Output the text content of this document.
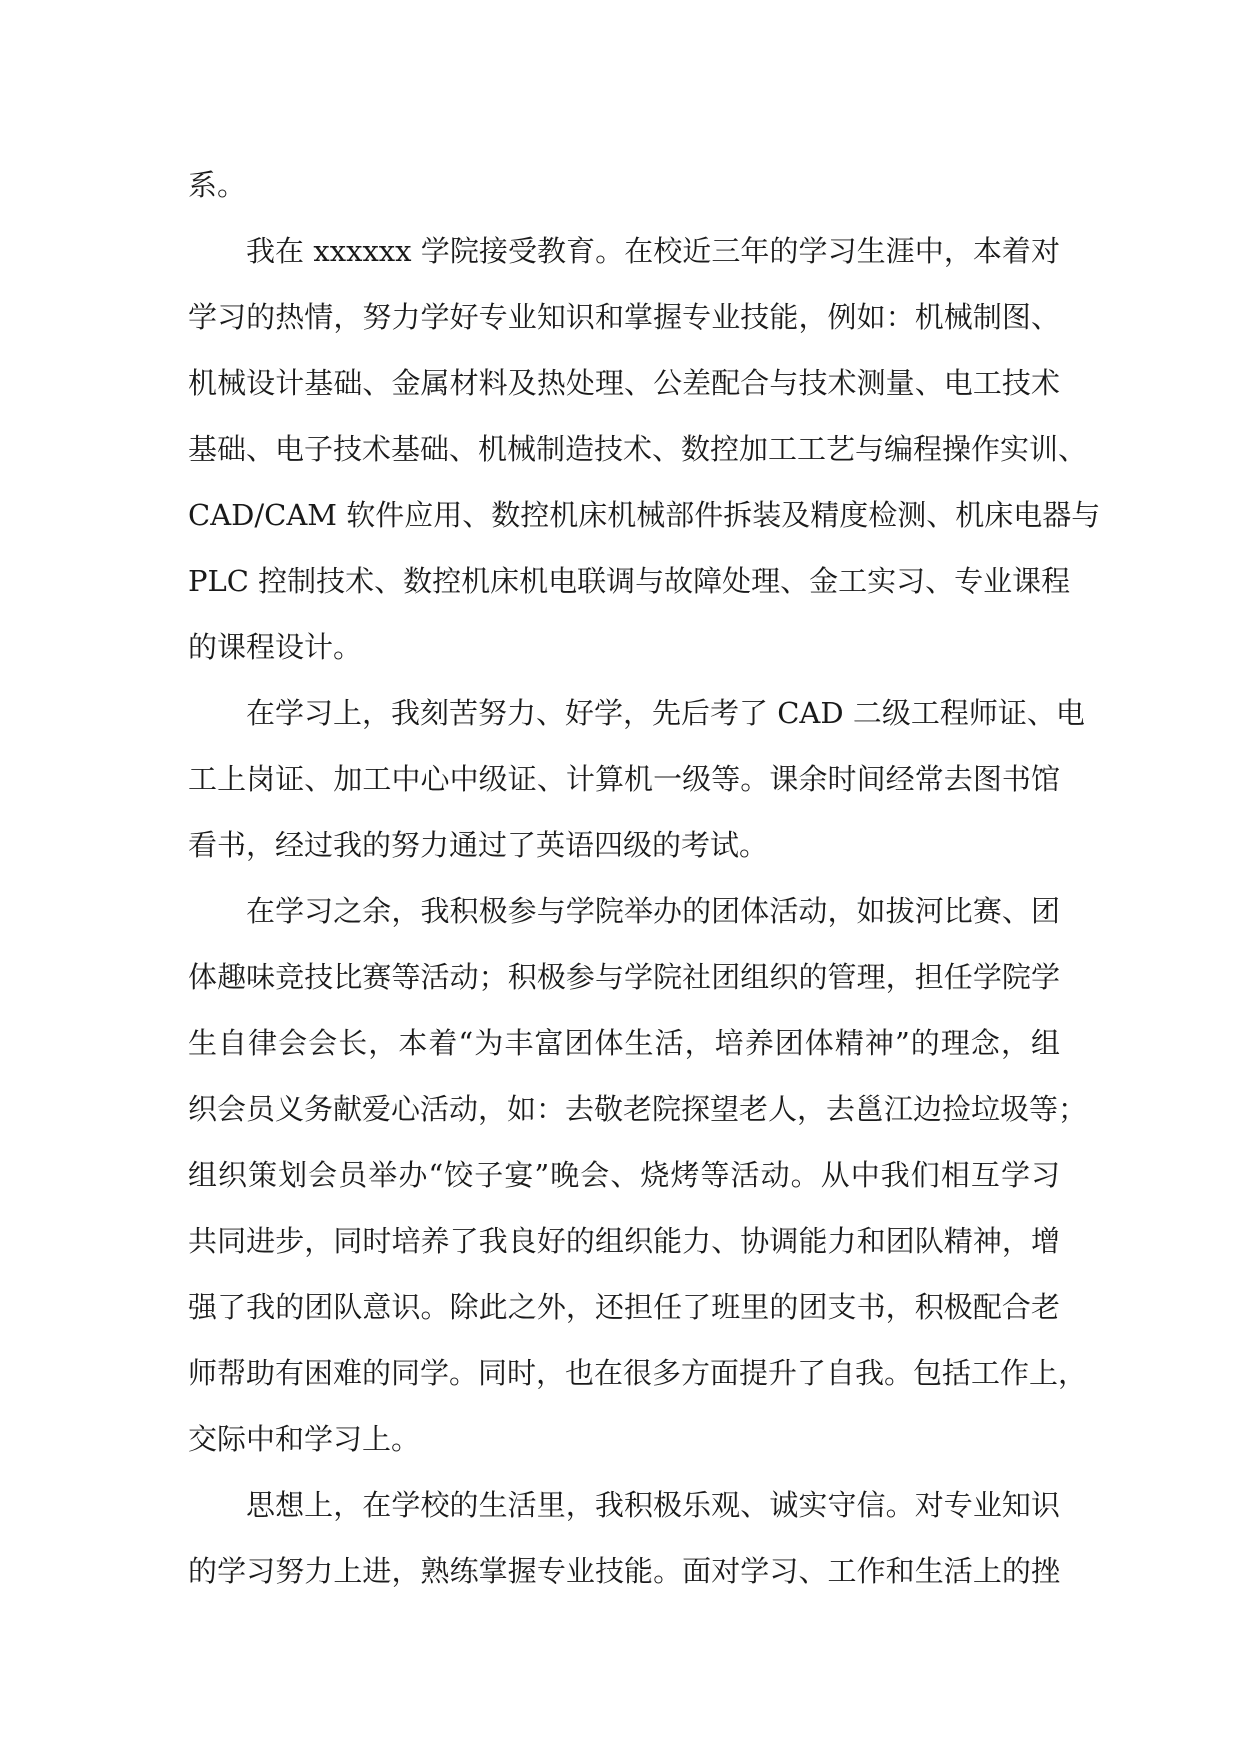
系。
我在 xxxxxx 学院接受教育。在校近三年的学习生涯中，本着对
学习的热情，努力学好专业知识和掌握专业技能，例如：机械制图、
机械设计基础、金属材料及热处理、公差配合与技术测量、电工技术
基础、电子技术基础、机械制造技术、数控加工工艺与编程操作实训、
CAD/CAM 软件应用、数控机床机械部件拆装及精度检测、机床电器与
PLC 控制技术、数控机床机电联调与故障处理、金工实习、专业课程
的课程设计。
在学习上，我刻苦努力、好学，先后考了 CAD 二级工程师证、电
工上岗证、加工中心中级证、计算机一级等。课余时间经常去图书馆
看书，经过我的努力通过了英语四级的考试。
在学习之余，我积极参与学院举办的团体活动，如拔河比赛、团
体趣味竞技比赛等活动；积极参与学院社团组织的管理，担任学院学
生自律会会长，本着“为丰富团体生活，培养团体精神”的理念，组
织会员义务献爱心活动，如：去敬老院探望老人，去邕江边捡垃圾等；
组织策划会员举办“饺子宴”晚会、烧烤等活动。从中我们相互学习
共同进步，同时培养了我良好的组织能力、协调能力和团队精神，增
强了我的团队意识。除此之外，还担任了班里的团支书，积极配合老
师帮助有困难的同学。同时，也在很多方面提升了自我。包括工作上，
交际中和学习上。
思想上，在学校的生活里，我积极乐观、诚实守信。对专业知识
的学习努力上进，熟练掌握专业技能。面对学习、工作和生活上的挫
